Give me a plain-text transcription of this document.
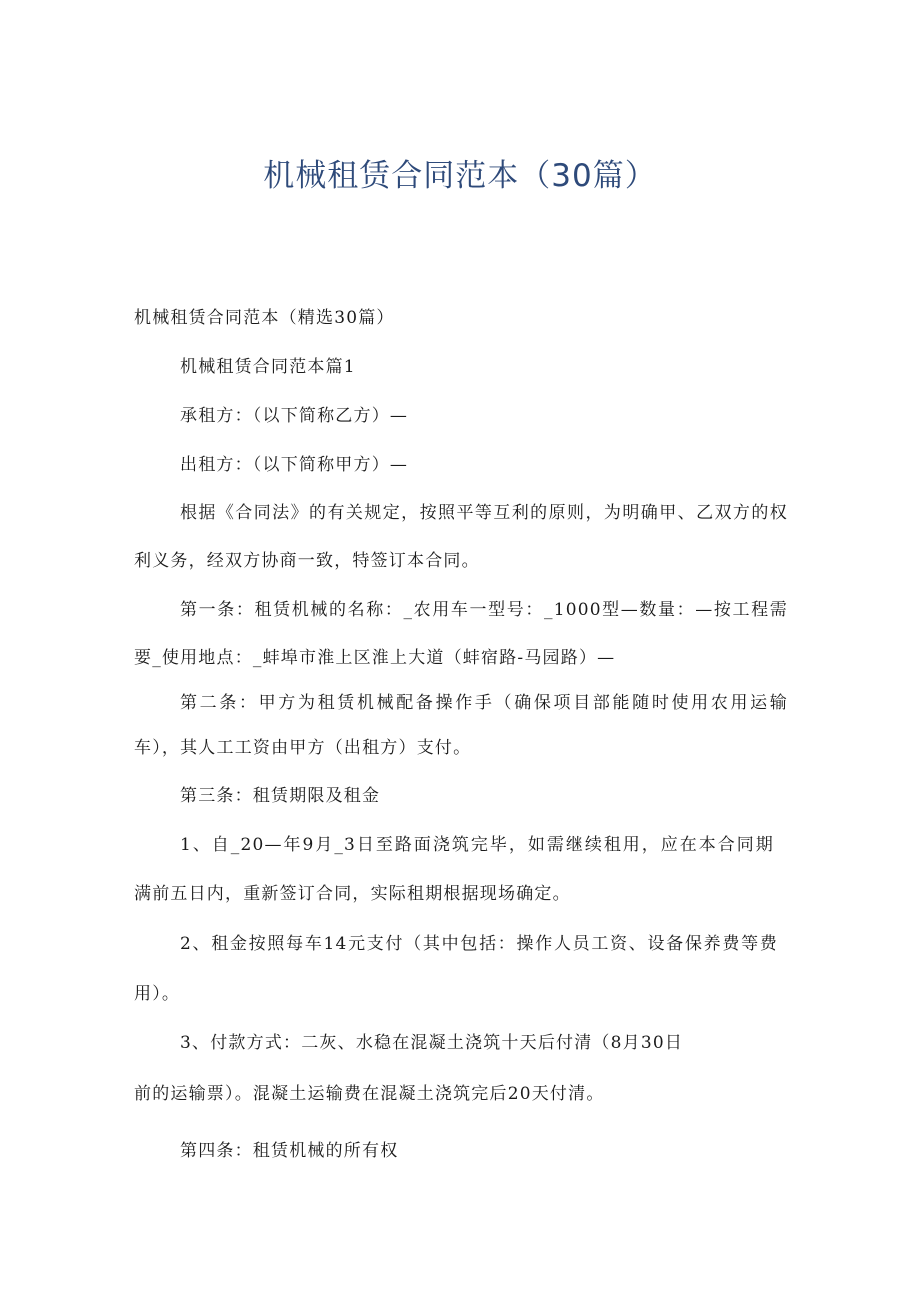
机械租赁合同范本（30篇）

机械租赁合同范本（精选30篇）

机械租赁合同范本篇1

承租方：（以下简称乙方）—

出租方：（以下简称甲方）—

根据《合同法》的有关规定，按照平等互利的原则，为明确甲、乙双方的权

利义务，经双方协商一致，特签订本合同。

第一条：租赁机械的名称：_农用车一型号：_1000型—数量：—按工程需

要_使用地点：_蚌埠市淮上区淮上大道（蚌宿路-马园路）—

第二条：甲方为租赁机械配备操作手（确保项目部能随时使用农用运输

车），其人工工资由甲方（出租方）支付。

第三条：租赁期限及租金

1、自_20—年9月_3日至路面浇筑完毕，如需继续租用，应在本合同期

满前五日内，重新签订合同，实际租期根据现场确定。

2、租金按照每车14元支付（其中包括：操作人员工资、设备保养费等费

用）。

3、付款方式：二灰、水稳在混凝土浇筑十天后付清（8月30日

前的运输票）。混凝土运输费在混凝土浇筑完后20天付清。

第四条：租赁机械的所有权
